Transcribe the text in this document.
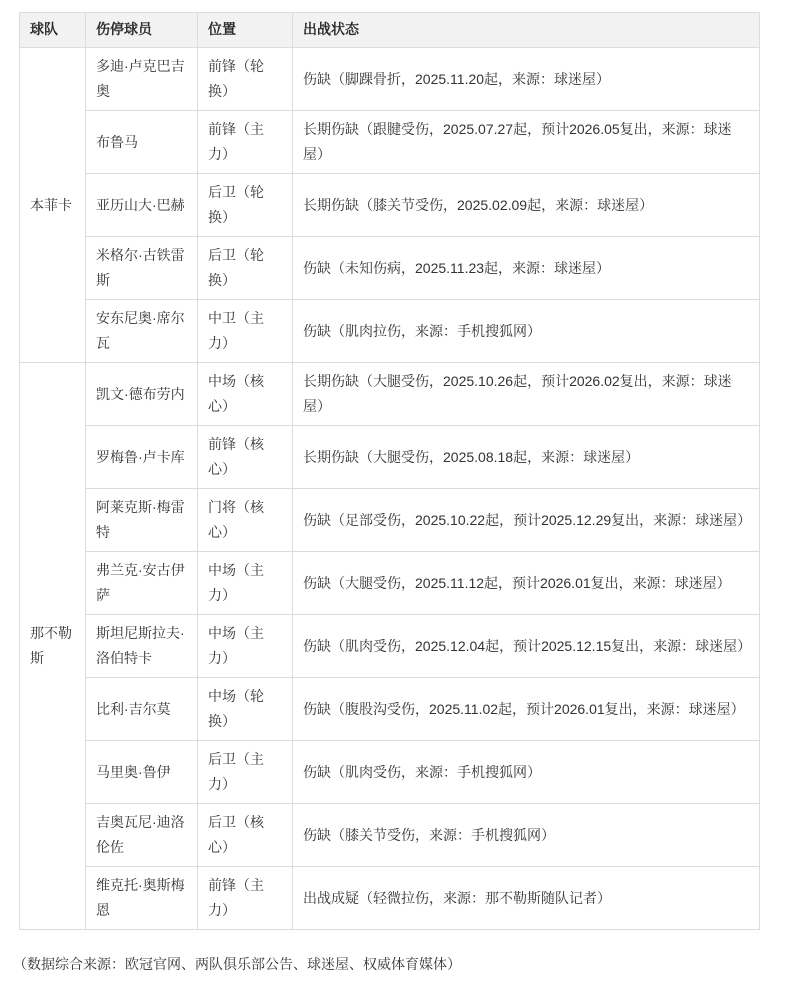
球队	伤停球员	位置	出战状态
本菲卡	多迪·卢克巴吉奥	前锋（轮换）	伤缺（脚踝骨折，2025.11.20起，来源：球迷屋）
	布鲁马	前锋（主力）	长期伤缺（跟腱受伤，2025.07.27起，预计2026.05复出，来源：球迷屋）
	亚历山大·巴赫	后卫（轮换）	长期伤缺（膝关节受伤，2025.02.09起，来源：球迷屋）
	米格尔·古铁雷斯	后卫（轮换）	伤缺（未知伤病，2025.11.23起，来源：球迷屋）
	安东尼奥·席尔瓦	中卫（主力）	伤缺（肌肉拉伤，来源：手机搜狐网）
那不勒斯	凯文·德布劳内	中场（核心）	长期伤缺（大腿受伤，2025.10.26起，预计2026.02复出，来源：球迷屋）
	罗梅鲁·卢卡库	前锋（核心）	长期伤缺（大腿受伤，2025.08.18起，来源：球迷屋）
	阿莱克斯·梅雷特	门将（核心）	伤缺（足部受伤，2025.10.22起，预计2025.12.29复出，来源：球迷屋）
	弗兰克·安古伊萨	中场（主力）	伤缺（大腿受伤，2025.11.12起，预计2026.01复出，来源：球迷屋）
	斯坦尼斯拉夫·洛伯特卡	中场（主力）	伤缺（肌肉受伤，2025.12.04起，预计2025.12.15复出，来源：球迷屋）
	比利·吉尔莫	中场（轮换）	伤缺（腹股沟受伤，2025.11.02起，预计2026.01复出，来源：球迷屋）
	马里奥·鲁伊	后卫（主力）	伤缺（肌肉受伤，来源：手机搜狐网）
	吉奥瓦尼·迪洛伦佐	后卫（核心）	伤缺（膝关节受伤，来源：手机搜狐网）
	维克托·奥斯梅恩	前锋（主力）	出战成疑（轻微拉伤，来源：那不勒斯随队记者）
（数据综合来源：欧冠官网、两队俱乐部公告、球迷屋、权威体育媒体）
